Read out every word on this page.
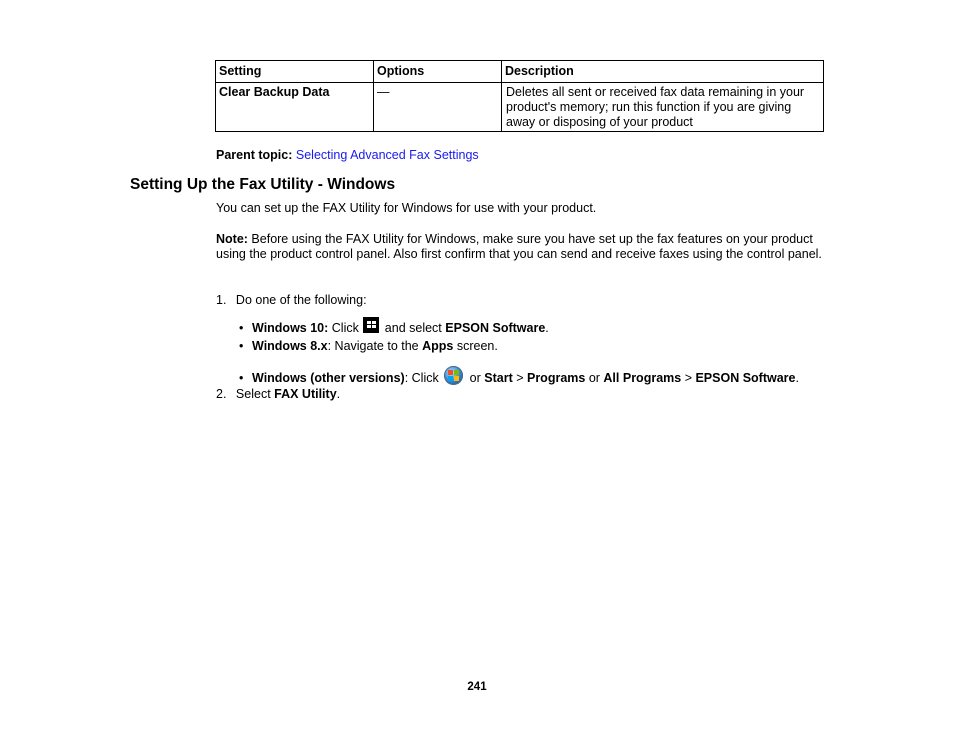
Setting	Options	Description
Clear Backup Data	—	Deletes all sent or received fax data remaining in your product's memory; run this function if you are giving away or disposing of your product
Parent topic: Selecting Advanced Fax Settings
Setting Up the Fax Utility - Windows
You can set up the FAX Utility for Windows for use with your product.
Note: Before using the FAX Utility for Windows, make sure you have set up the fax features on your product using the product control panel. Also first confirm that you can send and receive faxes using the control panel.
1. Do one of the following:
• Windows 10: Click
and select EPSON Software.
• Windows 8.x: Navigate to the Apps screen.
• Windows (other versions): Click
or Start > Programs or All Programs > EPSON Software.
2. Select FAX Utility.
241
